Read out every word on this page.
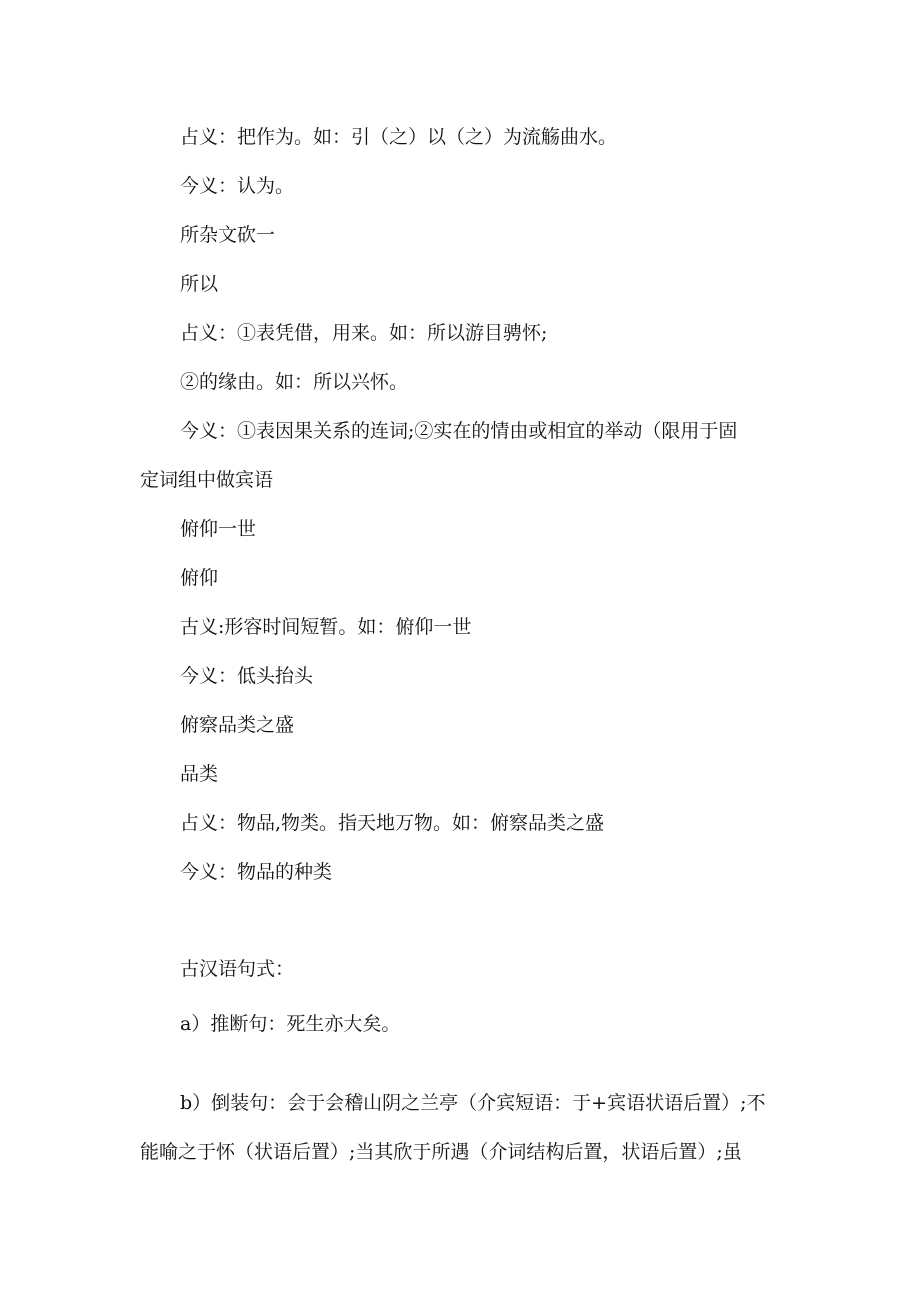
占义：把作为。如：引（之）以（之）为流觞曲水。
今义：认为。
所杂文砍一
所以
占义：①表凭借，用来。如：所以游目骋怀;
②的缘由。如：所以兴怀。
今义：①表因果关系的连词;②实在的情由或相宜的举动（限用于固
定词组中做宾语
俯仰一世
俯仰
古义:形容时间短暂。如：俯仰一世
今义：低头抬头
俯察品类之盛
品类
占义：物品,物类。指天地万物。如：俯察品类之盛
今义：物品的种类
古汉语句式：
a）推断句：死生亦大矣。
b）倒装句：会于会稽山阴之兰亭（介宾短语：于+宾语状语后置）;不
能喻之于怀（状语后置）;当其欣于所遇（介词结构后置，状语后置）;虽
